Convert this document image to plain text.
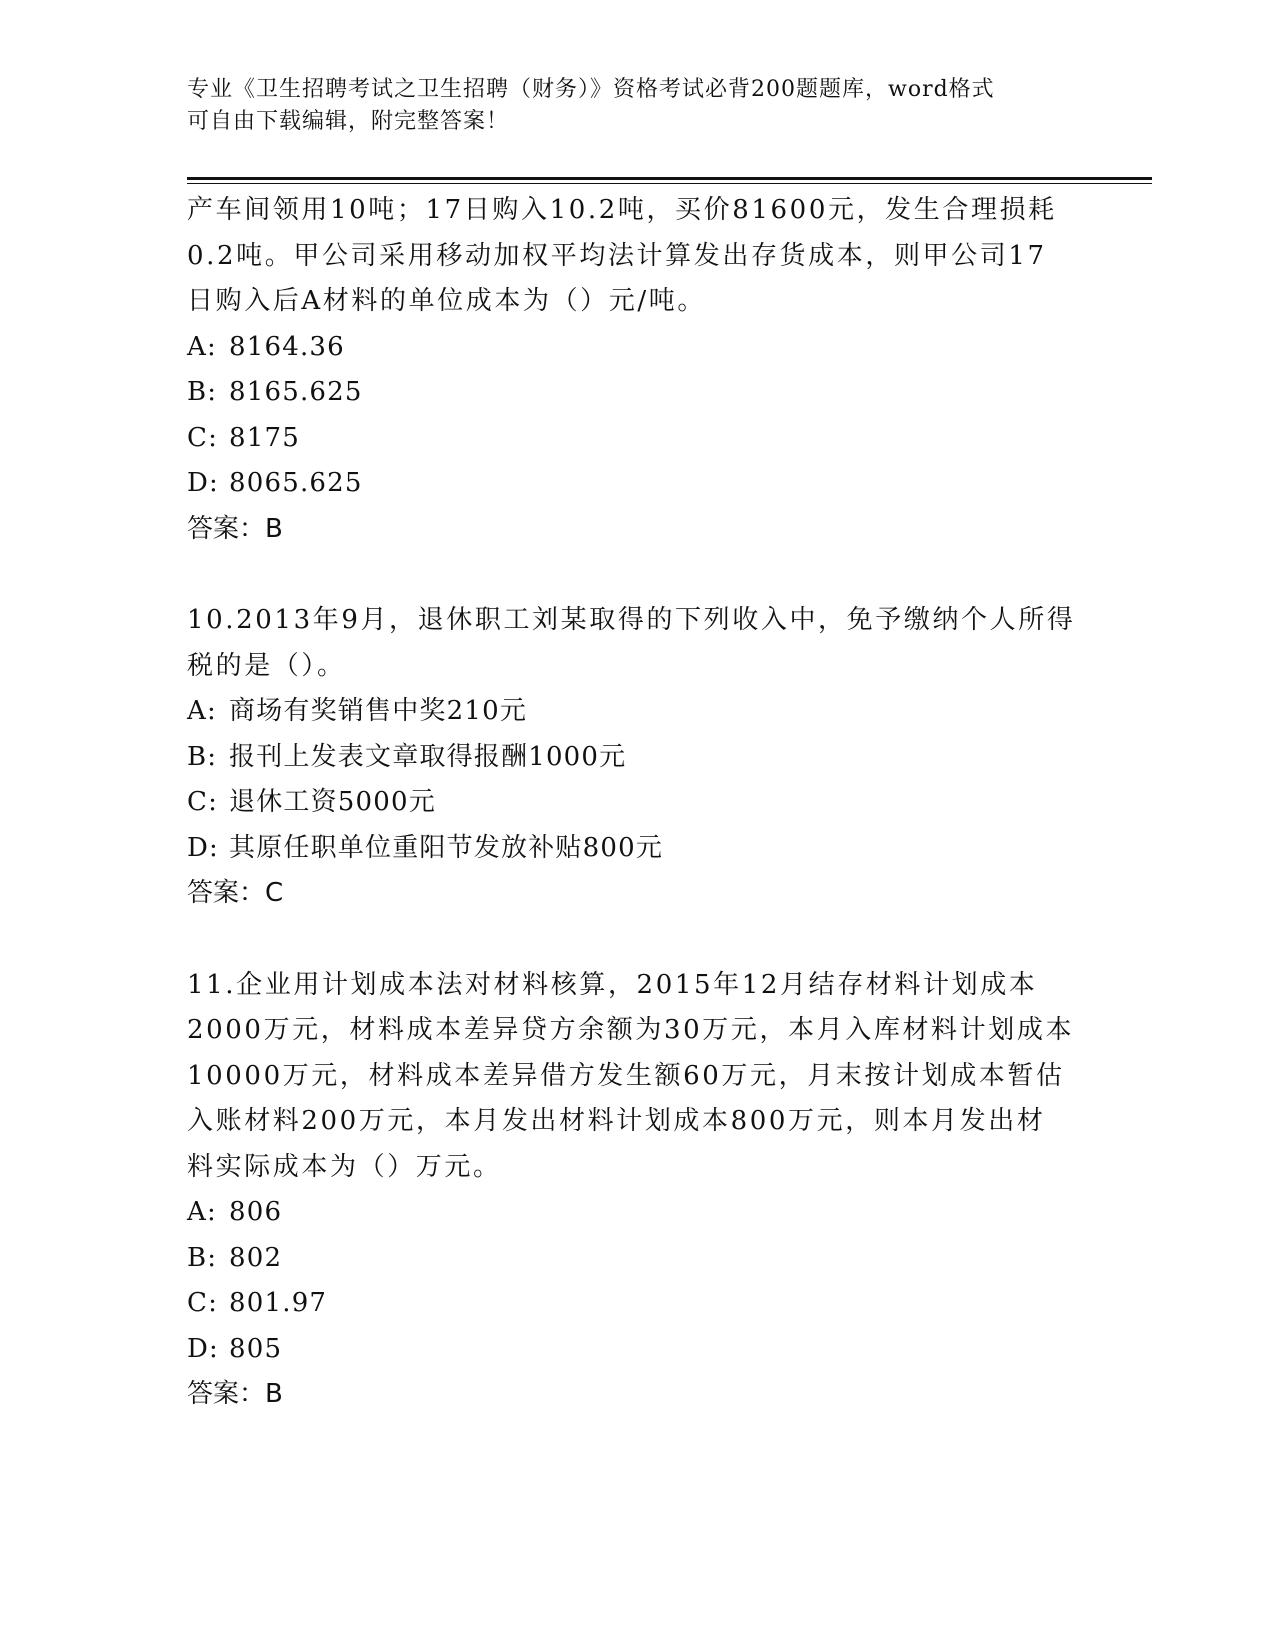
专业《卫生招聘考试之卫生招聘（财务）》资格考试必背200题题库，word格式
可自由下载编辑，附完整答案！
产车间领用10吨；17日购入10.2吨，买价81600元，发生合理损耗
0.2吨。甲公司采用移动加权平均法计算发出存货成本，则甲公司17
日购入后A材料的单位成本为（）元/吨。
A: 8164.36
B: 8165.625
C: 8175
D: 8065.625
答案：B
10.2013年9月，退休职工刘某取得的下列收入中，免予缴纳个人所得
税的是（）。
A: 商场有奖销售中奖210元
B: 报刊上发表文章取得报酬1000元
C: 退休工资5000元
D: 其原任职单位重阳节发放补贴800元
答案：C
11.企业用计划成本法对材料核算，2015年12月结存材料计划成本
2000万元，材料成本差异贷方余额为30万元，本月入库材料计划成本
10000万元，材料成本差异借方发生额60万元，月末按计划成本暂估
入账材料200万元，本月发出材料计划成本800万元，则本月发出材
料实际成本为（）万元。
A: 806
B: 802
C: 801.97
D: 805
答案：B
